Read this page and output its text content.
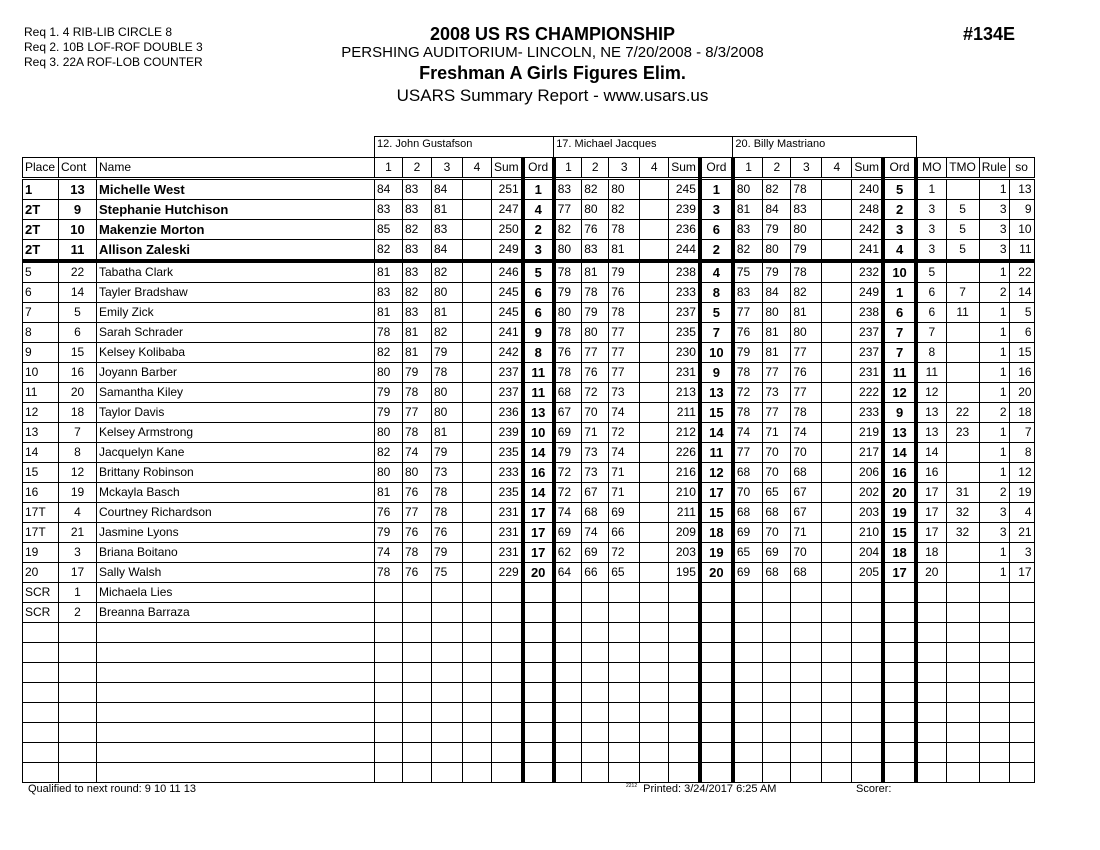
Req 1. 4 RIB-LIB CIRCLE 8
Req 2. 10B LOF-ROF DOUBLE 3
Req 3. 22A ROF-LOB COUNTER
2008 US RS CHAMPIONSHIP
PERSHING AUDITORIUM- LINCOLN, NE 7/20/2008 - 8/3/2008
Freshman A Girls Figures Elim.
USARS Summary Report - www.usars.us
#134E
			12. John Gustafson						17. Michael Jacques						20. Billy Mastriano									
Place	Cont	Name	1	2	3	4	Sum	Ord	1	2	3	4	Sum	Ord	1	2	3	4	Sum	Ord	MO	TMO	Rule	so
1	13	Michelle West	84	83	84		251	1	83	82	80		245	1	80	82	78		240	5	1		1	13
2T	9	Stephanie Hutchison	83	83	81		247	4	77	80	82		239	3	81	84	83		248	2	3	5	3	9
2T	10	Makenzie Morton	85	82	83		250	2	82	76	78		236	6	83	79	80		242	3	3	5	3	10
2T	11	Allison Zaleski	82	83	84		249	3	80	83	81		244	2	82	80	79		241	4	3	5	3	11
5	22	Tabatha Clark	81	83	82		246	5	78	81	79		238	4	75	79	78		232	10	5		1	22
6	14	Tayler Bradshaw	83	82	80		245	6	79	78	76		233	8	83	84	82		249	1	6	7	2	14
7	5	Emily Zick	81	83	81		245	6	80	79	78		237	5	77	80	81		238	6	6	11	1	5
8	6	Sarah Schrader	78	81	82		241	9	78	80	77		235	7	76	81	80		237	7	7		1	6
9	15	Kelsey Kolibaba	82	81	79		242	8	76	77	77		230	10	79	81	77		237	7	8		1	15
10	16	Joyann Barber	80	79	78		237	11	78	76	77		231	9	78	77	76		231	11	11		1	16
11	20	Samantha Kiley	79	78	80		237	11	68	72	73		213	13	72	73	77		222	12	12		1	20
12	18	Taylor Davis	79	77	80		236	13	67	70	74		211	15	78	77	78		233	9	13	22	2	18
13	7	Kelsey Armstrong	80	78	81		239	10	69	71	72		212	14	74	71	74		219	13	13	23	1	7
14	8	Jacquelyn Kane	82	74	79		235	14	79	73	74		226	11	77	70	70		217	14	14		1	8
15	12	Brittany Robinson	80	80	73		233	16	72	73	71		216	12	68	70	68		206	16	16		1	12
16	19	Mckayla Basch	81	76	78		235	14	72	67	71		210	17	70	65	67		202	20	17	31	2	19
17T	4	Courtney Richardson	76	77	78		231	17	74	68	69		211	15	68	68	67		203	19	17	32	3	4
17T	21	Jasmine Lyons	79	76	76		231	17	69	74	66		209	18	69	70	71		210	15	17	32	3	21
19	3	Briana Boitano	74	78	79		231	17	62	69	72		203	19	65	69	70		204	18	18		1	3
20	17	Sally Walsh	78	76	75		229	20	64	66	65		195	20	69	68	68		205	17	20		1	17
SCR	1	Michaela Lies																						
SCR	2	Breanna Barraza																						

Qualified to next round: 9 10 11 13	$^{2212}$ Printed: 3/24/2017 6:25 AM	Scorer:
